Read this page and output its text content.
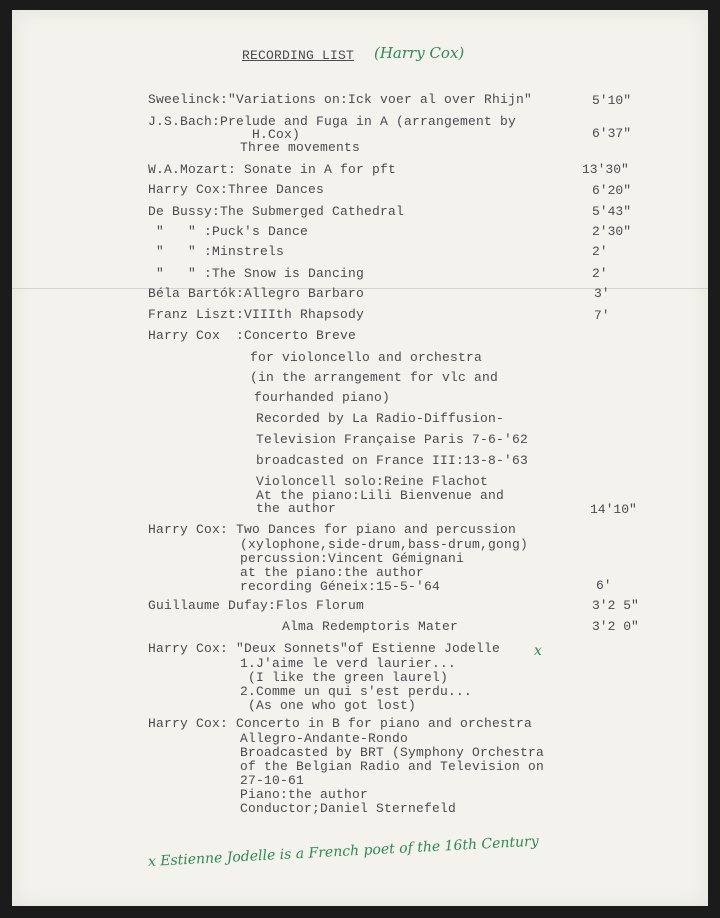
RECORDING LIST (Harry Cox)
Sweelinck:"Variations on:Ick voer al over Rhijn"
J.S.Bach:Prelude and Fuga in A (arrangement by
H.Cox)
Three movements
W.A.Mozart: Sonate in A for pft
Harry Cox:Three Dances
De Bussy:The Submerged Cathedral
"   " :Puck's Dance
"   " :Minstrels
"   " :The Snow is Dancing
Béla Bartók:Allegro Barbaro
Franz Liszt:VIIIth Rhapsody
Harry Cox  :Concerto Breve
for violoncello and orchestra
(in the arrangement for vlc and
fourhanded piano)
Recorded by La Radio-Diffusion-
Television Française Paris 7-6-'62
broadcasted on France III:13-8-'63
Violoncell solo:Reine Flachot
At the piano:Lili Bienvenue and
the author
Harry Cox: Two Dances for piano and percussion
(xylophone,side-drum,bass-drum,gong)
percussion:Vincent Gémignani
at the piano:the author
recording Géneix:15-5-'64
Guillaume Dufay:Flos Florum
Alma Redemptoris Mater
Harry Cox: "Deux Sonnets"of Estienne Jodelle
1.J'aime le verd laurier...
(I like the green laurel)
2.Comme un qui s'est perdu...
(As one who got lost)
Harry Cox: Concerto in B for piano and orchestra
Allegro-Andante-Rondo
Broadcasted by BRT (Symphony Orchestra
of the Belgian Radio and Television on
27-10-61
Piano:the author
Conductor;Daniel Sternefeld
5'10"
6'37"
13'30"
6'20"
5'43"
2'30"
2'
2'
3'
7'
14'10"
6'
3'2 5"
3'2 0"
x
x Estienne Jodelle is a French poet of the 16th Century
